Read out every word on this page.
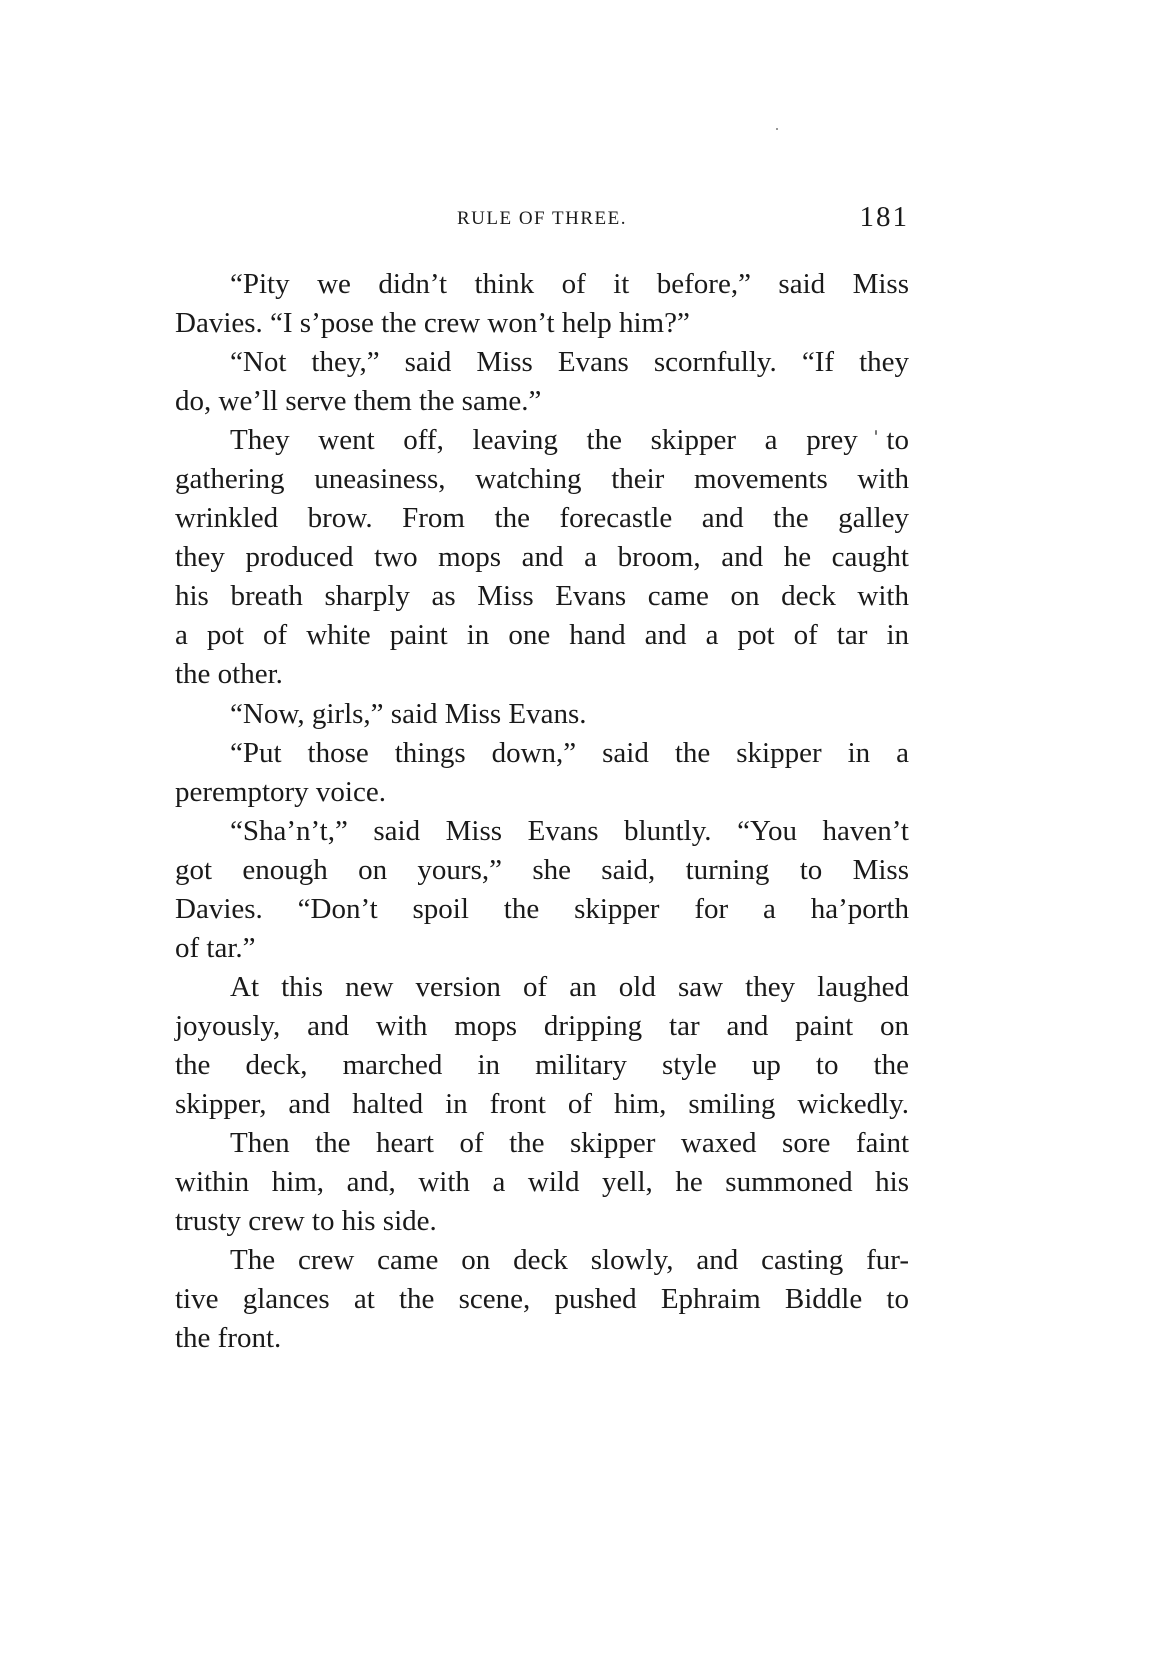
RULE OF THREE.	181
“Pity we didn’t think of it before,” said Miss
Davies. “I s’pose the crew won’t help him?”
“Not they,” said Miss Evans scornfully. “If they
do, we’ll serve them the same.”
They went off, leaving the skipper a prey to
gathering uneasiness, watching their movements with
wrinkled brow. From the forecastle and the galley
they produced two mops and a broom, and he caught
his breath sharply as Miss Evans came on deck with
a pot of white paint in one hand and a pot of tar in
the other.
“Now, girls,” said Miss Evans.
“Put those things down,” said the skipper in a
peremptory voice.
“Sha’n’t,” said Miss Evans bluntly. “You haven’t
got enough on yours,” she said, turning to Miss
Davies. “Don’t spoil the skipper for a ha’porth
of tar.”
At this new version of an old saw they laughed
joyously, and with mops dripping tar and paint on
the deck, marched in military style up to the
skipper, and halted in front of him, smiling wickedly.
Then the heart of the skipper waxed sore faint
within him, and, with a wild yell, he summoned his
trusty crew to his side.
The crew came on deck slowly, and casting fur-
tive glances at the scene, pushed Ephraim Biddle to
the front.
